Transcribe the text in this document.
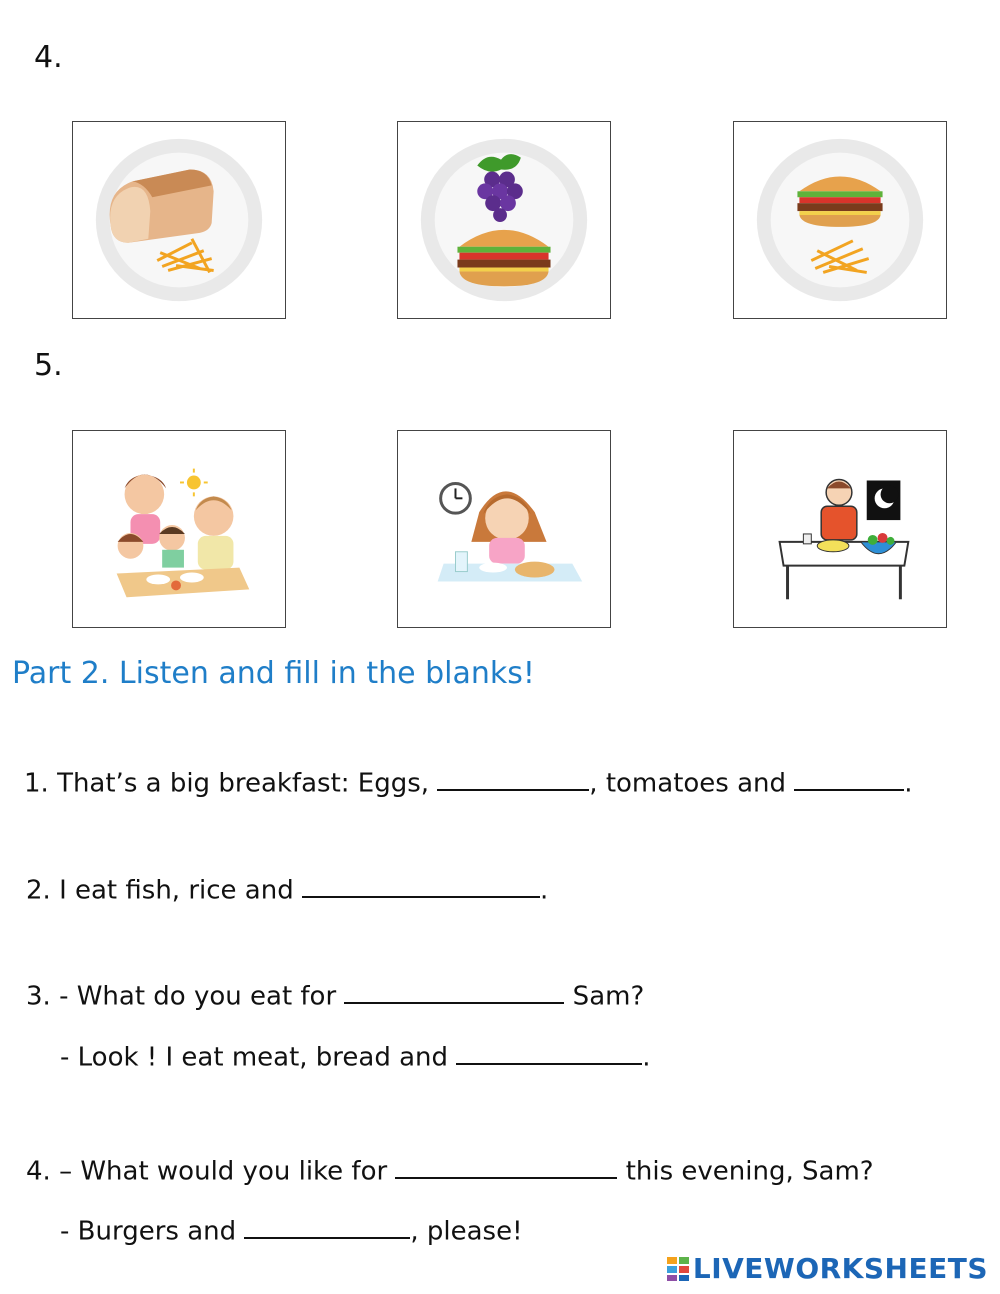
4.
5.
Part 2. Listen and fill in the blanks!
1. That’s a big breakfast: Eggs,	, tomatoes and	.
2. I eat fish, rice and	.
3. - What do you eat for	Sam?
- Look ! I eat meat, bread and	.
4. – What would you like for	this evening, Sam?
- Burgers and	, please!
LIVEWORKSHEETS
